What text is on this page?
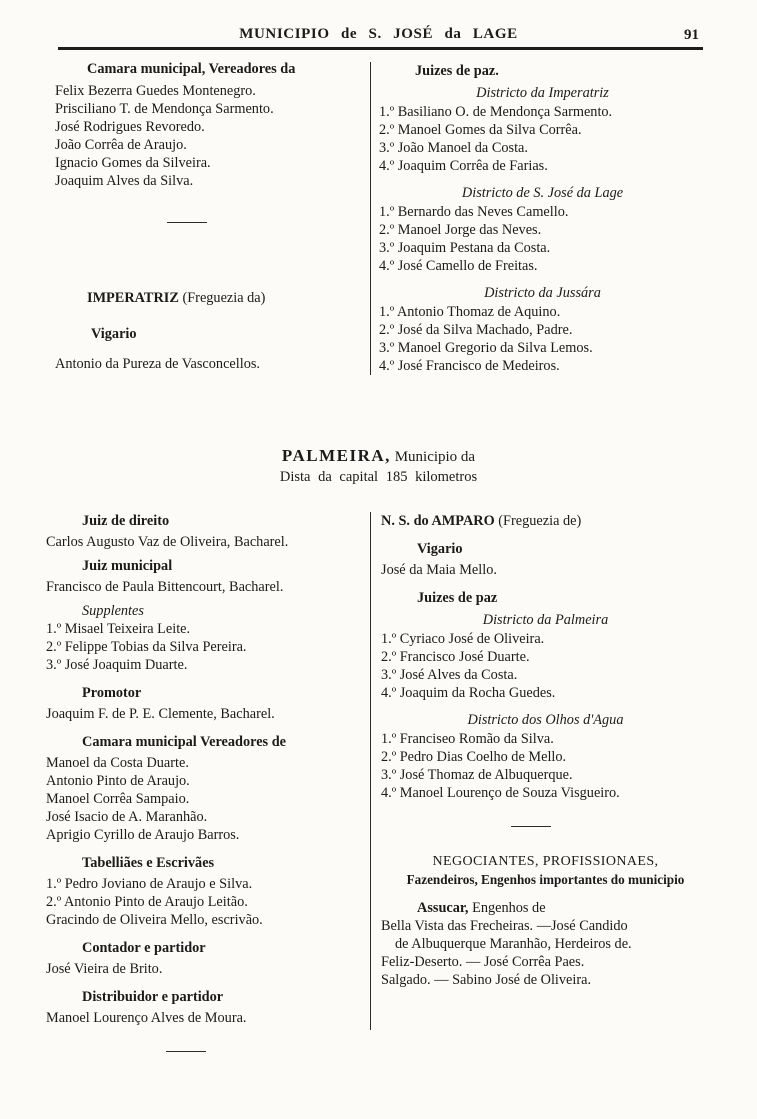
MUNICIPIO de S. JOSÉ da LAGE	91
Camara municipal, Vereadores da
Felix Bezerra Guedes Montenegro.
Prisciliano T. de Mendonça Sarmento.
José Rodrigues Revoredo.
João Corrêa de Araujo.
Ignacio Gomes da Silveira.
Joaquim Alves da Silva.
IMPERATRIZ (Freguezia da)
Vigario
Antonio da Pureza de Vasconcellos.
Juizes de paz.
Districto da Imperatriz
1.º Basiliano O. de Mendonça Sarmento.
2.º Manoel Gomes da Silva Corrêa.
3.º João Manoel da Costa.
4.º Joaquim Corrêa de Farias.
Districto de S. José da Lage
1.º Bernardo das Neves Camello.
2.º Manoel Jorge das Neves.
3.º Joaquim Pestana da Costa.
4.º José Camello de Freitas.
Districto da Jussára
1.º Antonio Thomaz de Aquino.
2.º José da Silva Machado, Padre.
3.º Manoel Gregorio da Silva Lemos.
4.º José Francisco de Medeiros.
PALMEIRA, Municipio da
Dista da capital 185 kilometros
Juiz de direito
Carlos Augusto Vaz de Oliveira, Bacharel.
Juiz municipal
Francisco de Paula Bittencourt, Bacharel.
Supplentes
1.º Misael Teixeira Leite.
2.º Felippe Tobias da Silva Pereira.
3.º José Joaquim Duarte.
Promotor
Joaquim F. de P. E. Clemente, Bacharel.
Camara municipal Vereadores de
Manoel da Costa Duarte.
Antonio Pinto de Araujo.
Manoel Corrêa Sampaio.
José Isacio de A. Maranhão.
Aprigio Cyrillo de Araujo Barros.
Tabelliães e Escrivães
1.º Pedro Joviano de Araujo e Silva.
2.º Antonio Pinto de Araujo Leitão.
Gracindo de Oliveira Mello, escrivão.
Contador e partidor
José Vieira de Brito.
Distribuidor e partidor
Manoel Lourenço Alves de Moura.
N. S. do AMPARO (Freguezia de)
Vigario
José da Maia Mello.
Juizes de paz
Districto da Palmeira
1.º Cyriaco José de Oliveira.
2.º Francisco José Duarte.
3.º José Alves da Costa.
4.º Joaquim da Rocha Guedes.
Districto dos Olhos d'Agua
1.º Franciseo Romão da Silva.
2.º Pedro Dias Coelho de Mello.
3.º José Thomaz de Albuquerque.
4.º Manoel Lourenço de Souza Visgueiro.
NEGOCIANTES, PROFISSIONAES,
Fazendeiros, Engenhos importantes do municipio
Assucar, Engenhos de
Bella Vista das Frecheiras. —José Candido
de Albuquerque Maranhão, Herdeiros de.
Feliz-Deserto. — José Corrêa Paes.
Salgado. — Sabino José de Oliveira.
